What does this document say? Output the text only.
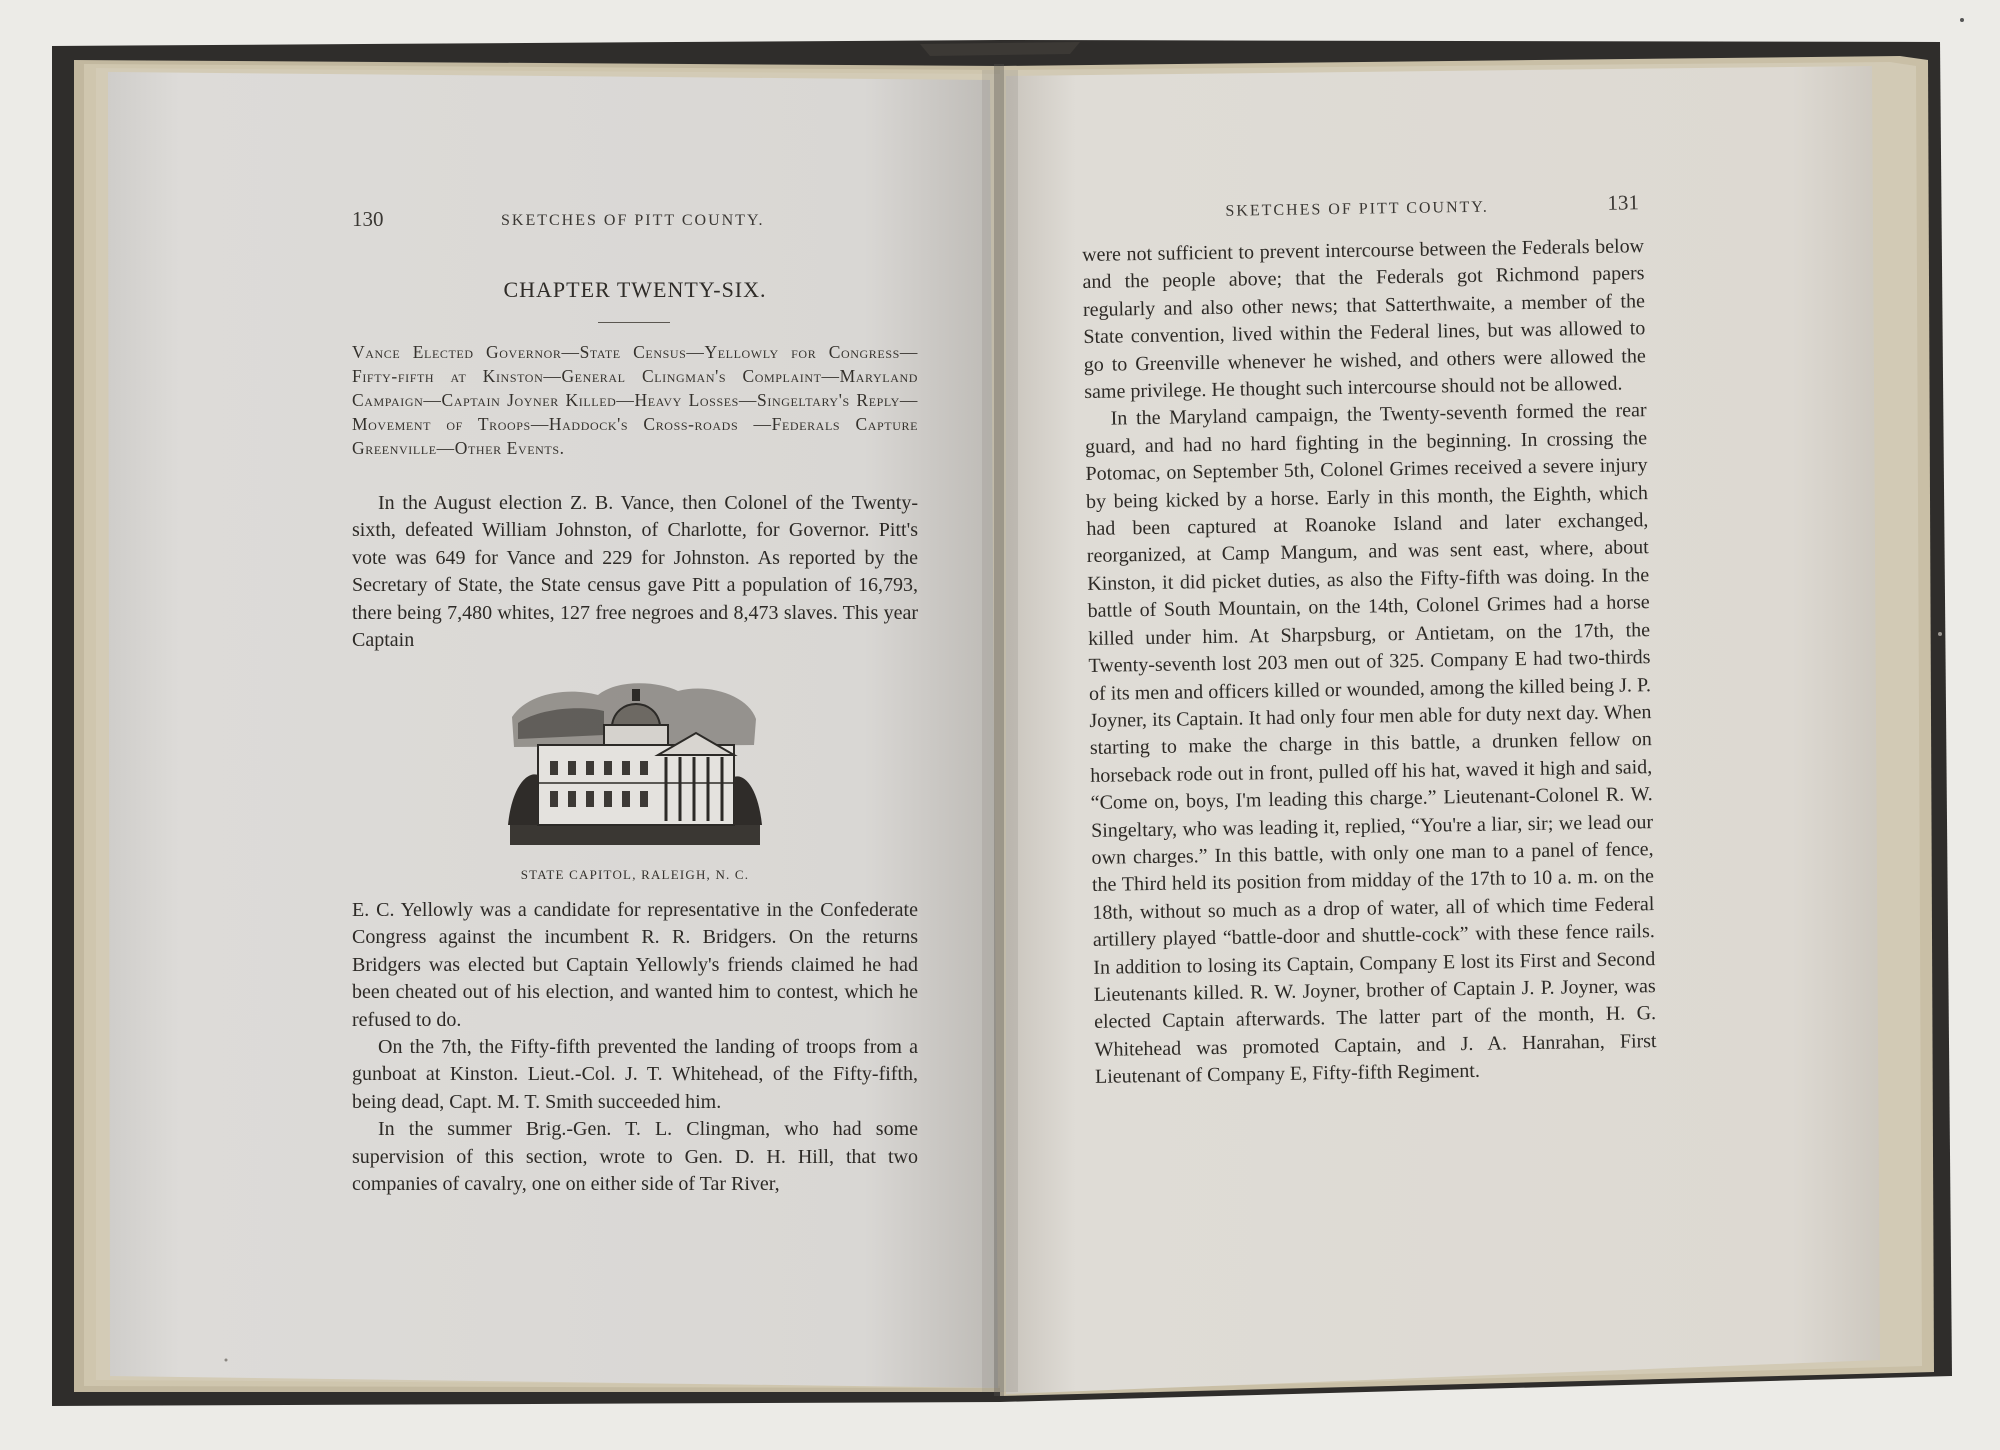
130	SKETCHES OF PITT COUNTY.
CHAPTER TWENTY-SIX.
Vance Elected Governor—State Census—Yellowly for Congress—Fifty-fifth at Kinston—General Clingman's Complaint—Maryland Campaign—Captain Joyner Killed—Heavy Losses—Singeltary's Reply—Movement of Troops—Haddock's Cross-roads —Federals Capture Greenville—Other Events.

In the August election Z. B. Vance, then Colonel of the Twenty-sixth, defeated William Johnston, of Charlotte, for Governor. Pitt's vote was 649 for Vance and 229 for Johnston. As reported by the Secretary of State, the State census gave Pitt a population of 16,793, there being 7,480 whites, 127 free negroes and 8,473 slaves. This year Captain

STATE CAPITOL, RALEIGH, N. C.

E. C. Yellowly was a candidate for representative in the Confederate Congress against the incumbent R. R. Bridgers. On the returns Bridgers was elected but Captain Yellowly's friends claimed he had been cheated out of his election, and wanted him to contest, which he refused to do.

On the 7th, the Fifty-fifth prevented the landing of troops from a gunboat at Kinston. Lieut.-Col. J. T. Whitehead, of the Fifty-fifth, being dead, Capt. M. T. Smith succeeded him.

In the summer Brig.-Gen. T. L. Clingman, who had some supervision of this section, wrote to Gen. D. H. Hill, that two companies of cavalry, one on either side of Tar River,

SKETCHES OF PITT COUNTY.	131

were not sufficient to prevent intercourse between the Federals below and the people above; that the Federals got Richmond papers regularly and also other news; that Satterthwaite, a member of the State convention, lived within the Federal lines, but was allowed to go to Greenville whenever he wished, and others were allowed the same privilege. He thought such intercourse should not be allowed.

In the Maryland campaign, the Twenty-seventh formed the rear guard, and had no hard fighting in the beginning. In crossing the Potomac, on September 5th, Colonel Grimes received a severe injury by being kicked by a horse. Early in this month, the Eighth, which had been captured at Roanoke Island and later exchanged, reorganized, at Camp Mangum, and was sent east, where, about Kinston, it did picket duties, as also the Fifty-fifth was doing. In the battle of South Mountain, on the 14th, Colonel Grimes had a horse killed under him. At Sharpsburg, or Antietam, on the 17th, the Twenty-seventh lost 203 men out of 325. Company E had two-thirds of its men and officers killed or wounded, among the killed being J. P. Joyner, its Captain. It had only four men able for duty next day. When starting to make the charge in this battle, a drunken fellow on horseback rode out in front, pulled off his hat, waved it high and said, “Come on, boys, I'm leading this charge.” Lieutenant-Colonel R. W. Singeltary, who was leading it, replied, “You're a liar, sir; we lead our own charges.” In this battle, with only one man to a panel of fence, the Third held its position from midday of the 17th to 10 a. m. on the 18th, without so much as a drop of water, all of which time Federal artillery played “battle-door and shuttle-cock” with these fence rails. In addition to losing its Captain, Company E lost its First and Second Lieutenants killed. R. W. Joyner, brother of Captain J. P. Joyner, was elected Captain afterwards. The latter part of the month, H. G. Whitehead was promoted Captain, and J. A. Hanrahan, First Lieutenant of Company E, Fifty-fifth Regiment.
